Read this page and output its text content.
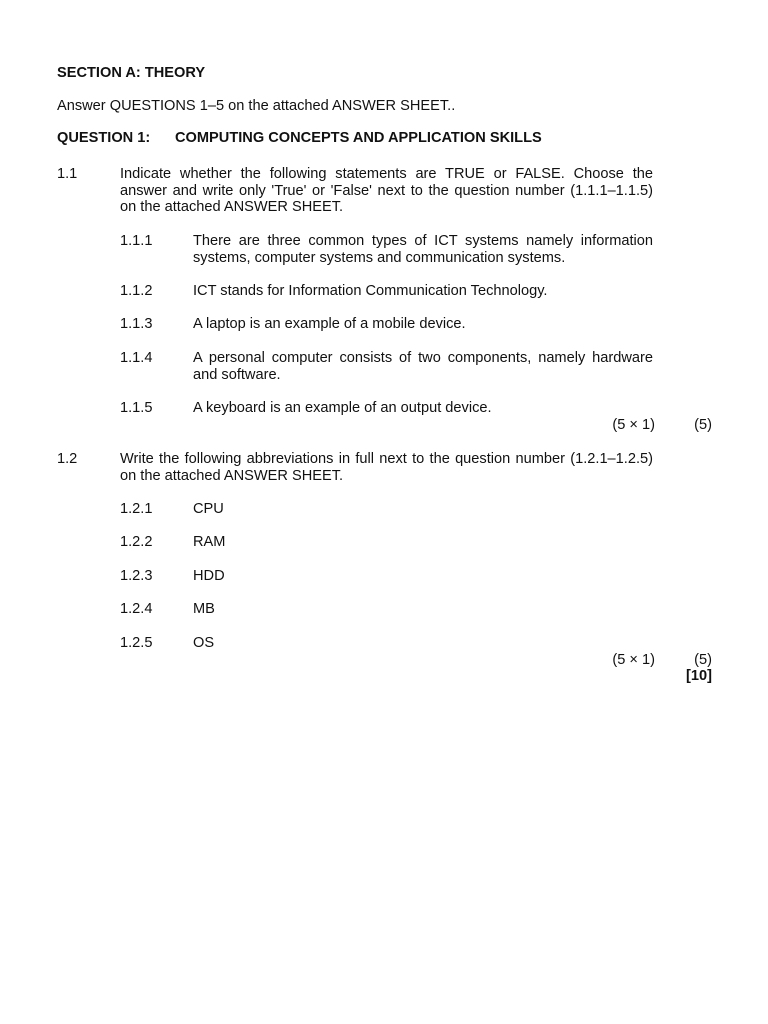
SECTION A: THEORY
Answer QUESTIONS 1–5 on the attached ANSWER SHEET..
QUESTION 1: COMPUTING CONCEPTS AND APPLICATION SKILLS
1.1	Indicate whether the following statements are TRUE or FALSE. Choose the answer and write only 'True' or 'False' next to the question number (1.1.1–1.1.5) on the attached ANSWER SHEET.
1.1.1	There are three common types of ICT systems namely information systems, computer systems and communication systems.
1.1.2	ICT stands for Information Communication Technology.
1.1.3	A laptop is an example of a mobile device.
1.1.4	A personal computer consists of two components, namely hardware and software.
1.1.5	A keyboard is an example of an output device.
(5 × 1)	(5)
1.2	Write the following abbreviations in full next to the question number (1.2.1–1.2.5) on the attached ANSWER SHEET.
1.2.1	CPU
1.2.2	RAM
1.2.3	HDD
1.2.4	MB
1.2.5	OS
(5 × 1)	(5)
[10]
